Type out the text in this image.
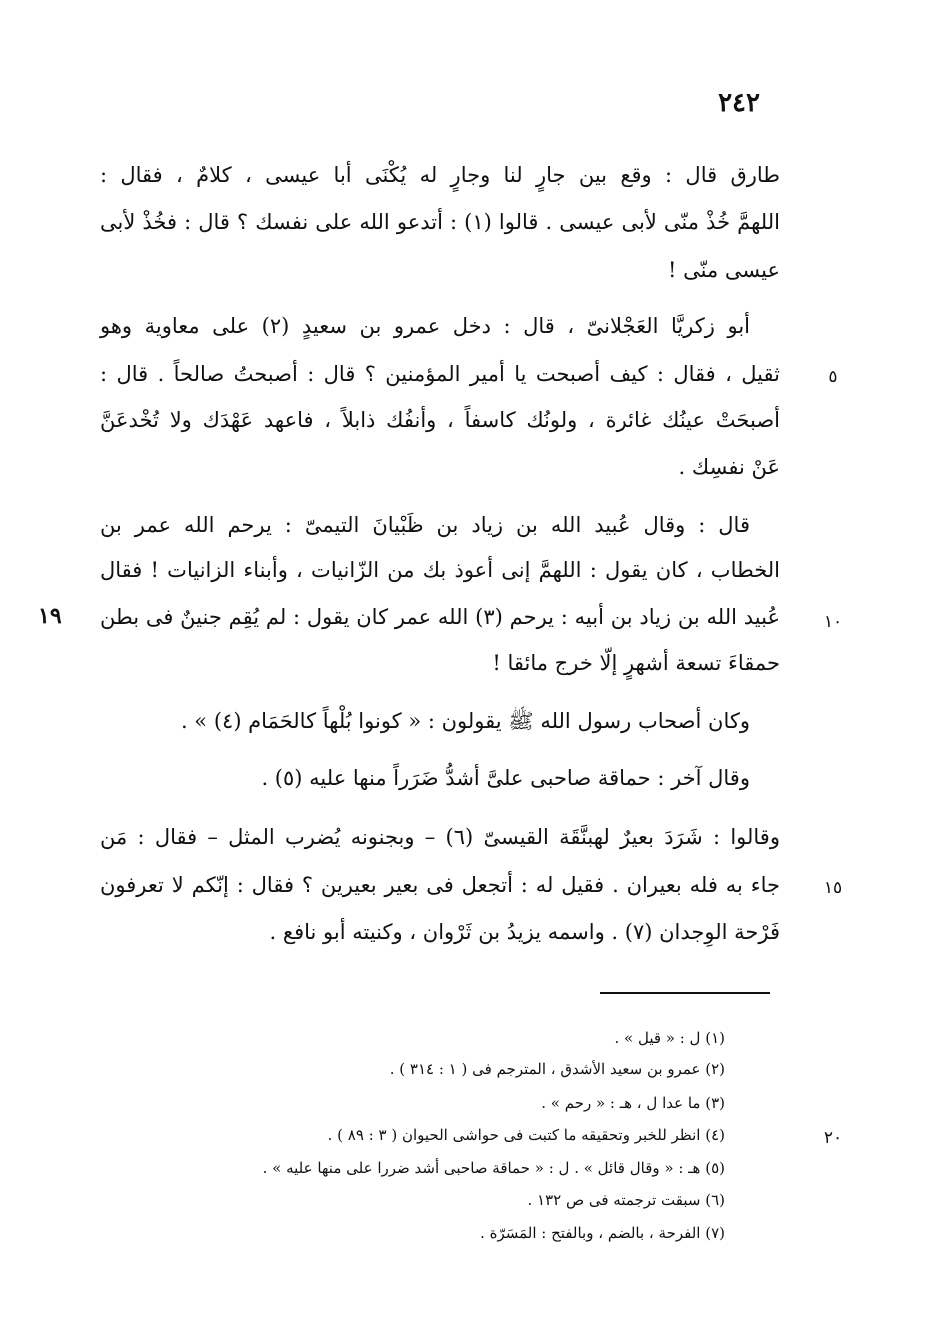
٢٤٢
طارق قال : وقع بين جارٍ لنا وجارٍ له يُكْنَى أبا عيسى ، كلامٌ ، فقال :
اللهمَّ خُذْ منّى لأبى عيسى . قالوا (١) : أتدعو الله على نفسك ؟ قال : فخُذْ لأبى
عيسى منّى !
أبو زكريَّا العَجْلانىّ ، قال : دخل عمرو بن سعيدٍ (٢) على معاوية وهو
ثقيل ، فقال : كيف أصبحت يا أمير المؤمنين ؟ قال : أصبحتُ صالحاً . قال :
أصبحَتْ عينُك غائرة ، ولونُك كاسفاً ، وأنفُك ذابلاً ، فاعهد عَهْدَك ولا تُخْدعَنَّ
عَنْ نفسِك .
قال : وقال عُبيد الله بن زياد بن ظَبْيانَ التيمىّ : يرحم الله عمر بن
الخطاب ، كان يقول : اللهمَّ إنى أعوذ بك من الزّانيات ، وأبناء الزانيات ! فقال
عُبيد الله بن زياد بن أبيه : يرحم (٣) الله عمر كان يقول : لم يُقِم جنينٌ فى بطن
حمقاءَ تسعة أشهرٍ إلّا خرج مائقا !
وكان أصحاب رسول الله ﷺ يقولون : « كونوا بُلْهاً كالحَمَام (٤) » .
وقال آخر : حماقة صاحبى علىَّ أشدُّ ضَرَراً منها عليه (٥) .
وقالوا : شَرَدَ بعيرٌ لهبنَّقَة القيسىّ (٦) – وبجنونه يُضرب المثل – فقال : مَن
جاء به فله بعيران . فقيل له : أتجعل فى بعير بعيرين ؟ فقال : إنّكم لا تعرفون
فَرْحة الوِجدان (٧) . واسمه يزيدُ بن ثَرْوان ، وكنيته أبو نافع .
٥
١٠
١٥
٢٠
١٩
(١) ل : « قيل » .
(٢) عمرو بن سعيد الأشدق ، المترجم فى ( ١ : ٣١٤ ) .
(٣) ما عدا ل ، هـ : « رحم » .
(٤) انظر للخبر وتحقيقه ما كتبت فى حواشى الحيوان ( ٣ : ٨٩ ) .
(٥) هـ : « وقال قائل » . ل : « حماقة صاحبى أشد ضررا على منها عليه » .
(٦) سبقت ترجمته فى ص ١٣٢ .
(٧) الفرحة ، بالضم ، وبالفتح : المَسَرّة .
